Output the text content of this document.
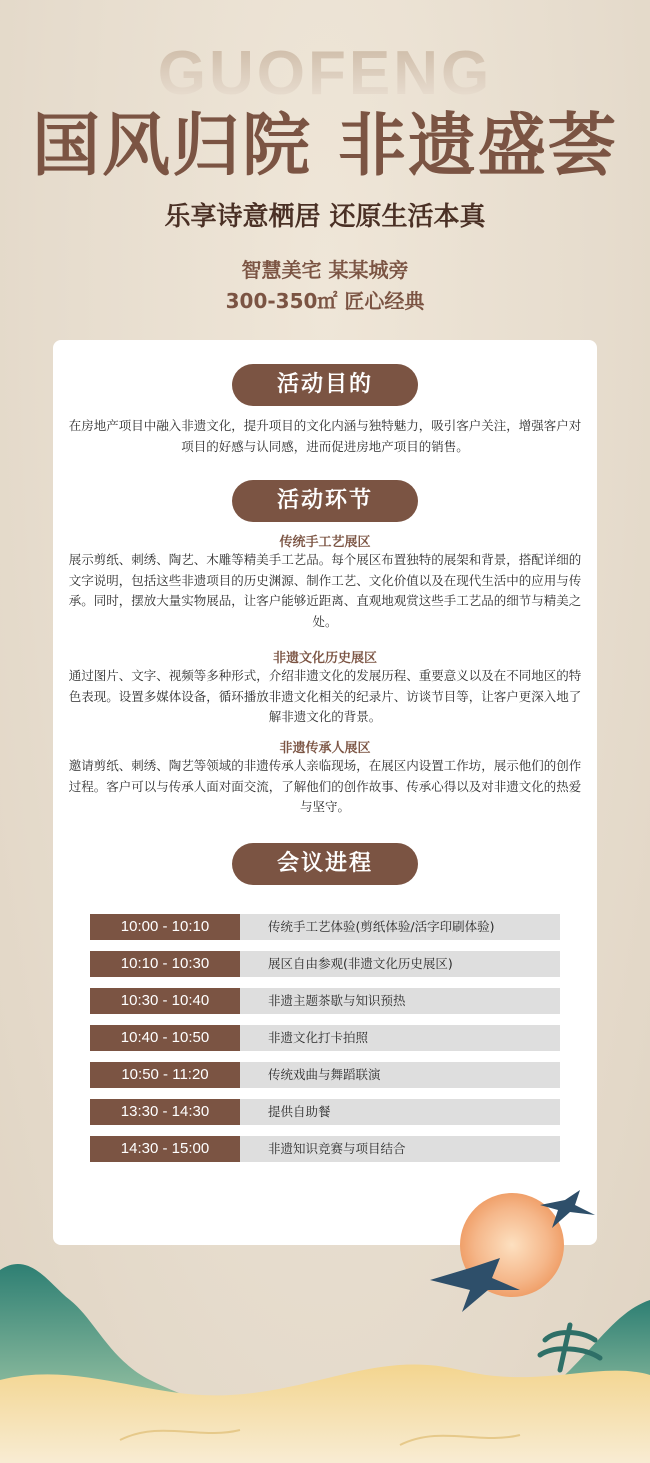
GUOFENG
国风归院 非遗盛荟
乐享诗意栖居 还原生活本真
智慧美宅 某某城旁
300-350㎡ 匠心经典
活动目的
在房地产项目中融入非遗文化，提升项目的文化内涵与独特魅力，吸引客户关注，增强客户对项目的好感与认同感，进而促进房地产项目的销售。
活动环节
传统手工艺展区
展示剪纸、刺绣、陶艺、木雕等精美手工艺品。每个展区布置独特的展架和背景，搭配详细的文字说明，包括这些非遗项目的历史渊源、制作工艺、文化价值以及在现代生活中的应用与传承。同时，摆放大量实物展品，让客户能够近距离、直观地观赏这些手工艺品的细节与精美之处。
非遗文化历史展区
通过图片、文字、视频等多种形式，介绍非遗文化的发展历程、重要意义以及在不同地区的特色表现。设置多媒体设备，循环播放非遗文化相关的纪录片、访谈节目等，让客户更深入地了解非遗文化的背景。
非遗传承人展区
邀请剪纸、刺绣、陶艺等领域的非遗传承人亲临现场，在展区内设置工作坊，展示他们的创作过程。客户可以与传承人面对面交流，了解他们的创作故事、传承心得以及对非遗文化的热爱与坚守。
会议进程
10:00 - 10:10	传统手工艺体验(剪纸体验/活字印刷体验)
10:10 - 10:30	展区自由参观(非遗文化历史展区)
10:30 - 10:40	非遗主题茶歇与知识预热
10:40 - 10:50	非遗文化打卡拍照
10:50 - 11:20	传统戏曲与舞蹈联演
13:30 - 14:30	提供自助餐
14:30 - 15:00	非遗知识竞赛与项目结合
